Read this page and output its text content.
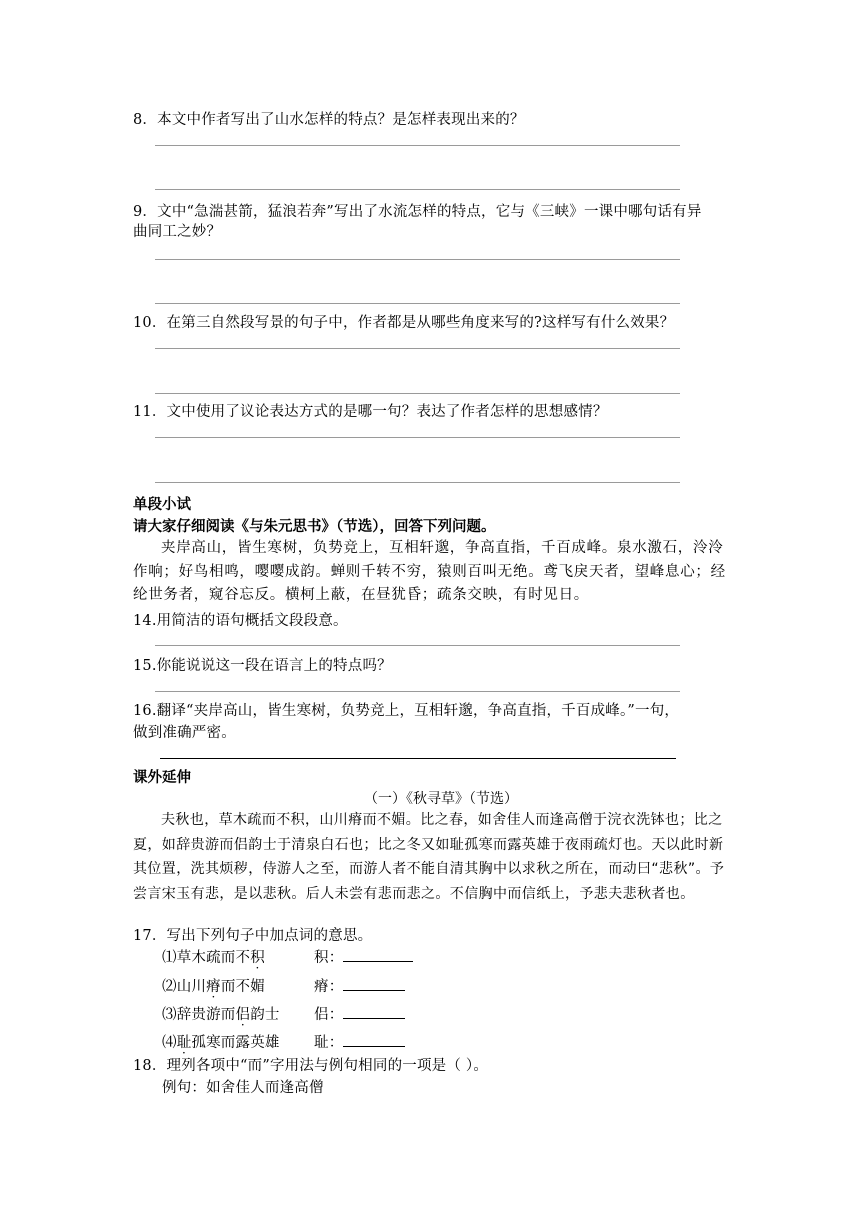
8．本文中作者写出了山水怎样的特点？是怎样表现出来的？
9．文中“急湍甚箭，猛浪若奔”写出了水流怎样的特点，它与《三峡》一课中哪句话有异
曲同工之妙？
10．在第三自然段写景的句子中，作者都是从哪些角度来写的?这样写有什么效果？
11．文中使用了议论表达方式的是哪一句？表达了作者怎样的思想感情？
单段小试
请大家仔细阅读《与朱元思书》（节选），回答下列问题。
夹岸高山，皆生寒树，负势竞上，互相轩邈，争高直指，千百成峰。泉水激石，泠泠作响；好鸟相鸣，嘤嘤成韵。蝉则千转不穷，猿则百叫无绝。鸢飞戾天者，望峰息心；经纶世务者，窥谷忘反。横柯上蔽，在昼犹昏；疏条交映，有时见日。
14.用简洁的语句概括文段段意。
15.你能说说这一段在语言上的特点吗？
16.翻译“夹岸高山，皆生寒树，负势竞上，互相轩邈，争高直指，千百成峰。”一句，
做到准确严密。
课外延伸
（一）《秋寻草》（节选）
夫秋也，草木疏而不积，山川瘠而不媚。比之春，如舍佳人而逢高僧于浣衣洗钵也；比之夏，如辞贵游而侣韵士于清泉白石也；比之冬又如耻孤寒而露英雄于夜雨疏灯也。天以此时新其位置，洗其烦秽，侍游人之至，而游人者不能自清其胸中以求秋之所在，而动曰“悲秋”。予尝言宋玉有悲，是以悲秋。后人未尝有悲而悲之。不信胸中而信纸上，予悲夫悲秋者也。
17．写出下列句子中加点词的意思。
⑴草木疏而不积	积：
⑵山川瘠而不媚	瘠：
⑶辞贵游而侣韵士 侣：
⑷耻孤寒而露英雄 耻：
18．理列各项中“而”字用法与例句相同的一项是（ ）。
例句：如舍佳人而逢高僧
